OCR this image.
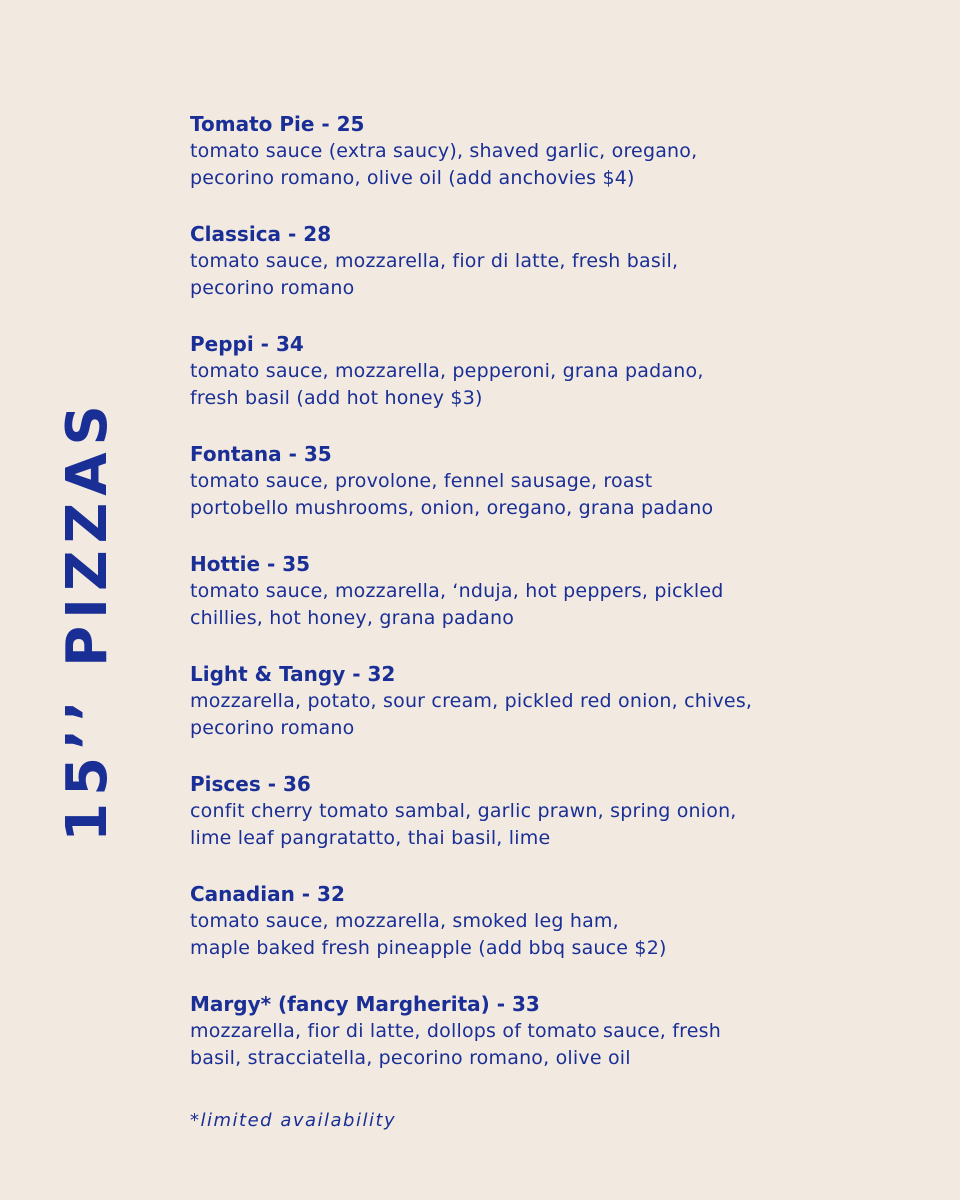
15’’ PIZZAS
Tomato Pie - 25
tomato sauce (extra saucy), shaved garlic, oregano,
pecorino romano, olive oil (add anchovies $4)
Classica - 28
tomato sauce, mozzarella, fior di latte, fresh basil,
pecorino romano
Peppi - 34
tomato sauce, mozzarella, pepperoni, grana padano,
fresh basil (add hot honey $3)
Fontana - 35
tomato sauce, provolone, fennel sausage, roast
portobello mushrooms, onion, oregano, grana padano
Hottie - 35
tomato sauce, mozzarella, ‘nduja, hot peppers, pickled
chillies, hot honey, grana padano
Light & Tangy - 32
mozzarella, potato, sour cream, pickled red onion, chives,
pecorino romano
Pisces - 36
confit cherry tomato sambal, garlic prawn, spring onion,
lime leaf pangratatto, thai basil, lime
Canadian - 32
tomato sauce, mozzarella, smoked leg ham,
maple baked fresh pineapple (add bbq sauce $2)
Margy* (fancy Margherita) - 33
mozzarella, fior di latte, dollops of tomato sauce, fresh
basil, stracciatella, pecorino romano, olive oil
*limited availability
